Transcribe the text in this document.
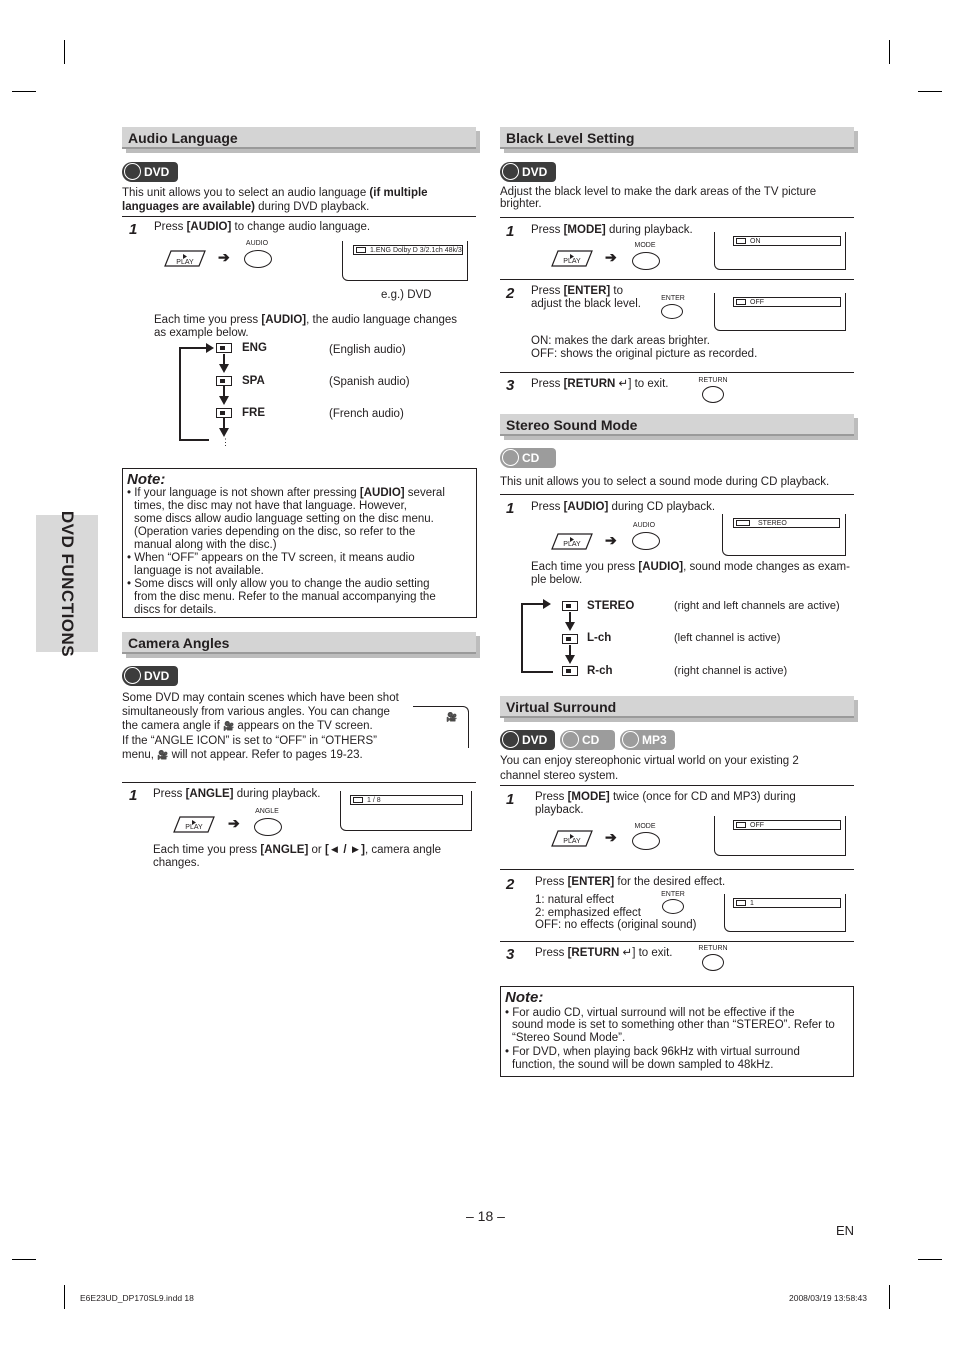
DVD FUNCTIONS
Audio Language
DVD
This unit allows you to select an audio language (if multiple
languages are available) during DVD playback.
1 Press [AUDIO] to change audio language.
PLAY	➔
AUDIO
1.ENG Dolby D 3/2.1ch 48k/3
e.g.) DVD
Each time you press [AUDIO], the audio language changes
as example below.
ENG	(English audio)
SPA	(Spanish audio)
FRE	(French audio)
⋮
Note:
• If your language is not shown after pressing [AUDIO] several
times, the disc may not have that language. However,
some discs allow audio language setting on the disc menu.
(Operation varies depending on the disc, so refer to the
manual along with the disc.)
• When “OFF” appears on the TV screen, it means audio
language is not available.
• Some discs will only allow you to change the audio setting
from the disc menu. Refer to the manual accompanying the
discs for details.
Camera Angles
DVD
Some DVD may contain scenes which have been shot
simultaneously from various angles. You can change
the camera angle if 🎥 appears on the TV screen.
If the “ANGLE ICON” is set to “OFF” in “OTHERS”
menu, 🎥 will not appear. Refer to pages 19-23.
🎥
1 Press [ANGLE] during playback.
PLAY	➔
ANGLE
1 / 8
Each time you press [ANGLE] or [◄ / ►], camera angle
changes.
Black Level Setting
DVD
Adjust the black level to make the dark areas of the TV picture
brighter.
1 Press [MODE] during playback.
PLAY	➔
MODE
ON
2 Press [ENTER] to
adjust the black level.	ENTER
OFF
ON: makes the dark areas brighter.
OFF: shows the original picture as recorded.
3 Press [RETURN ↵] to exit.	RETURN
Stereo Sound Mode
CD
This unit allows you to select a sound mode during CD playback.
1 Press [AUDIO] during CD playback.
PLAY	➔
AUDIO	STEREO
Each time you press [AUDIO], sound mode changes as exam-
ple below.
STEREO	(right and left channels are active)
L-ch	(left channel is active)
R-ch	(right channel is active)
Virtual Surround
DVD	CD	MP3
You can enjoy stereophonic virtual world on your existing 2
channel stereo system.
1 Press [MODE] twice (once for CD and MP3) during
playback.
PLAY	➔
MODE	OFF
2 Press [ENTER] for the desired effect.
1: natural effect
2: emphasized effect
OFF: no effects (original sound)
ENTER
1
3 Press [RETURN ↵] to exit.	RETURN
Note:
• For audio CD, virtual surround will not be effective if the
sound mode is set to something other than “STEREO”. Refer to
“Stereo Sound Mode”.
• For DVD, when playing back 96kHz with virtual surround
function, the sound will be down sampled to 48kHz.
– 18 –
EN
E6E23UD_DP170SL9.indd 18	2008/03/19 13:58:43
